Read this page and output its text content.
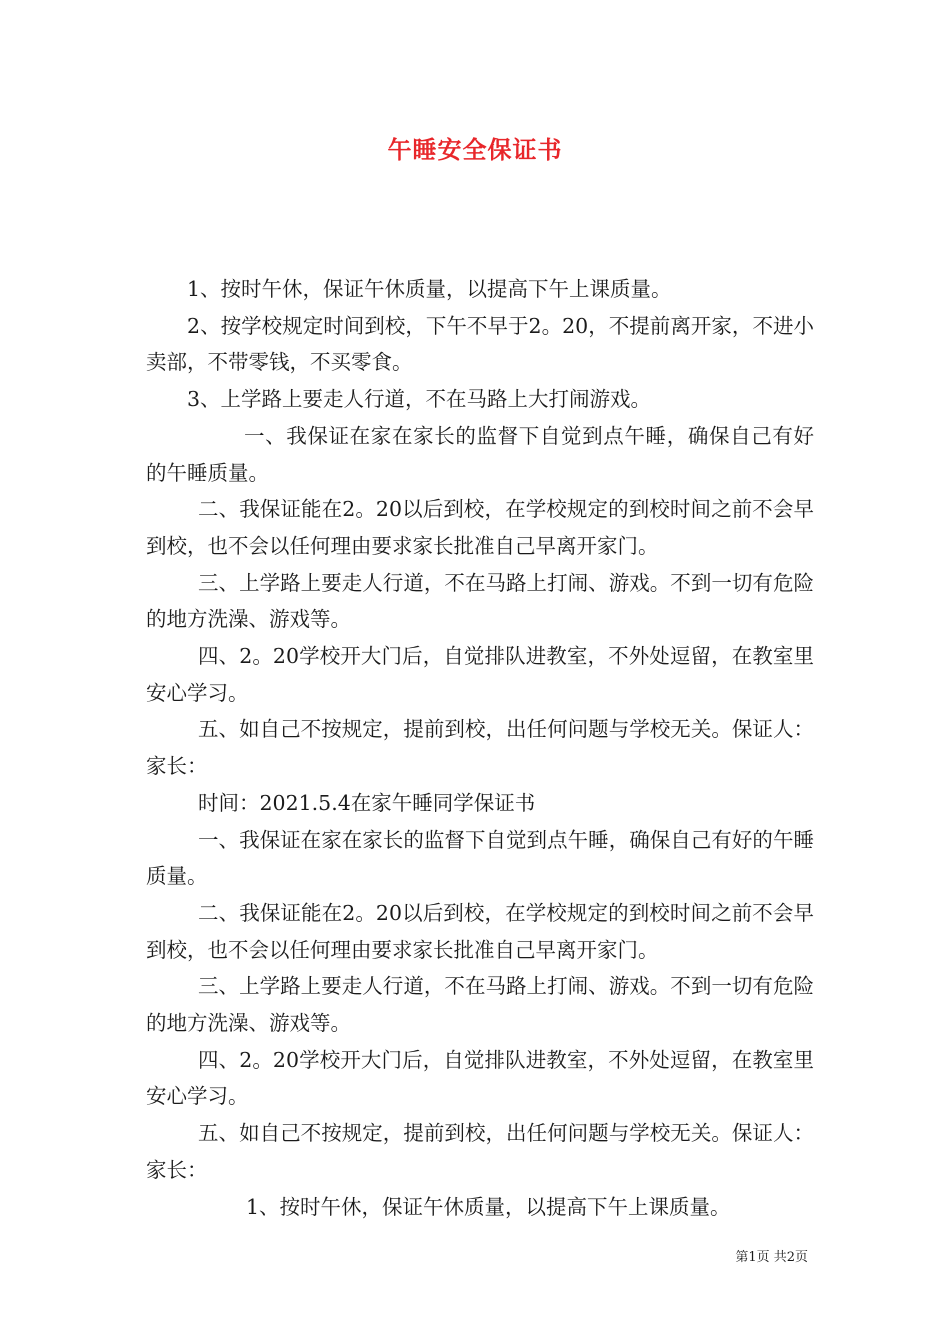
午睡安全保证书

1、按时午休，保证午休质量，以提高下午上课质量。

2、按学校规定时间到校，下午不早于2。20，不提前离开家，不进小卖部，不带零钱，不买零食。

3、上学路上要走人行道，不在马路上大打闹游戏。

一、我保证在家在家长的监督下自觉到点午睡，确保自己有好的午睡质量。

二、我保证能在2。20以后到校，在学校规定的到校时间之前不会早到校，也不会以任何理由要求家长批准自己早离开家门。

三、上学路上要走人行道，不在马路上打闹、游戏。不到一切有危险的地方洗澡、游戏等。

四、2。20学校开大门后，自觉排队进教室，不外处逗留，在教室里安心学习。

五、如自己不按规定，提前到校，出任何问题与学校无关。保证人：家长：

时间：2021.5.4在家午睡同学保证书

一、我保证在家在家长的监督下自觉到点午睡，确保自己有好的午睡质量。

二、我保证能在2。20以后到校，在学校规定的到校时间之前不会早到校，也不会以任何理由要求家长批准自己早离开家门。

三、上学路上要走人行道，不在马路上打闹、游戏。不到一切有危险的地方洗澡、游戏等。

四、2。20学校开大门后，自觉排队进教室，不外处逗留，在教室里安心学习。

五、如自己不按规定，提前到校，出任何问题与学校无关。保证人：家长：

1、按时午休，保证午休质量，以提高下午上课质量。

第1页 共2页
